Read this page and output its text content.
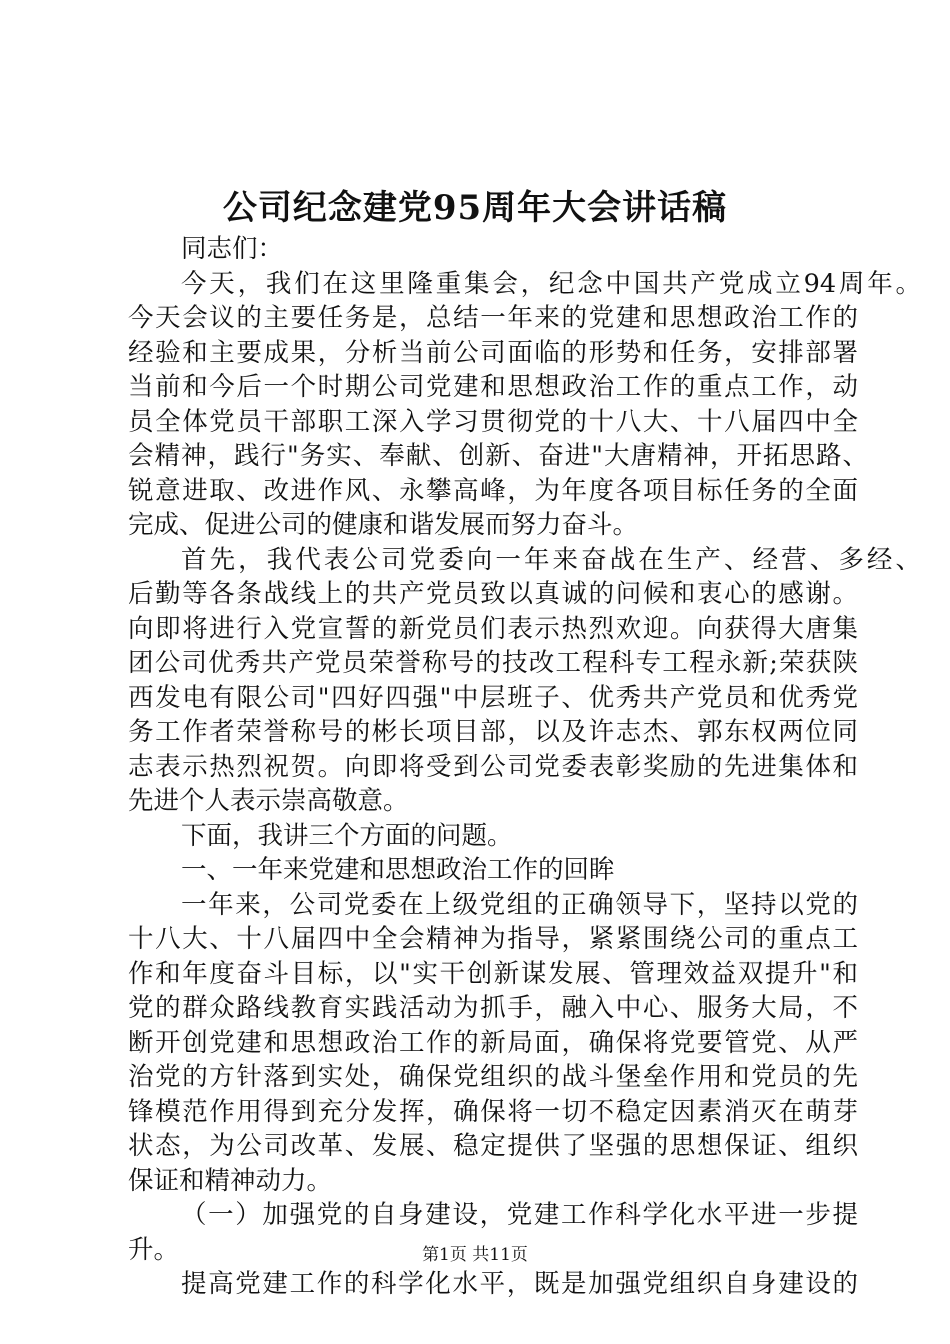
公司纪念建党95周年大会讲话稿
同志们：
今天，我们在这里隆重集会，纪念中国共产党成立94周年。
今天会议的主要任务是，总结一年来的党建和思想政治工作的
经验和主要成果，分析当前公司面临的形势和任务，安排部署
当前和今后一个时期公司党建和思想政治工作的重点工作，动
员全体党员干部职工深入学习贯彻党的十八大、十八届四中全
会精神，践行"务实、奉献、创新、奋进"大唐精神，开拓思路、
锐意进取、改进作风、永攀高峰，为年度各项目标任务的全面
完成、促进公司的健康和谐发展而努力奋斗。
首先，我代表公司党委向一年来奋战在生产、经营、多经、
后勤等各条战线上的共产党员致以真诚的问候和衷心的感谢。
向即将进行入党宣誓的新党员们表示热烈欢迎。向获得大唐集
团公司优秀共产党员荣誉称号的技改工程科专工程永新;荣获陕
西发电有限公司"四好四强"中层班子、优秀共产党员和优秀党
务工作者荣誉称号的彬长项目部，以及许志杰、郭东权两位同
志表示热烈祝贺。向即将受到公司党委表彰奖励的先进集体和
先进个人表示崇高敬意。
下面，我讲三个方面的问题。
一、一年来党建和思想政治工作的回眸
一年来，公司党委在上级党组的正确领导下，坚持以党的
十八大、十八届四中全会精神为指导，紧紧围绕公司的重点工
作和年度奋斗目标，以"实干创新谋发展、管理效益双提升"和
党的群众路线教育实践活动为抓手，融入中心、服务大局，不
断开创党建和思想政治工作的新局面，确保将党要管党、从严
治党的方针落到实处，确保党组织的战斗堡垒作用和党员的先
锋模范作用得到充分发挥，确保将一切不稳定因素消灭在萌芽
状态，为公司改革、发展、稳定提供了坚强的思想保证、组织
保证和精神动力。
（一）加强党的自身建设，党建工作科学化水平进一步提
升。
提高党建工作的科学化水平，既是加强党组织自身建设的
第1页 共11页
